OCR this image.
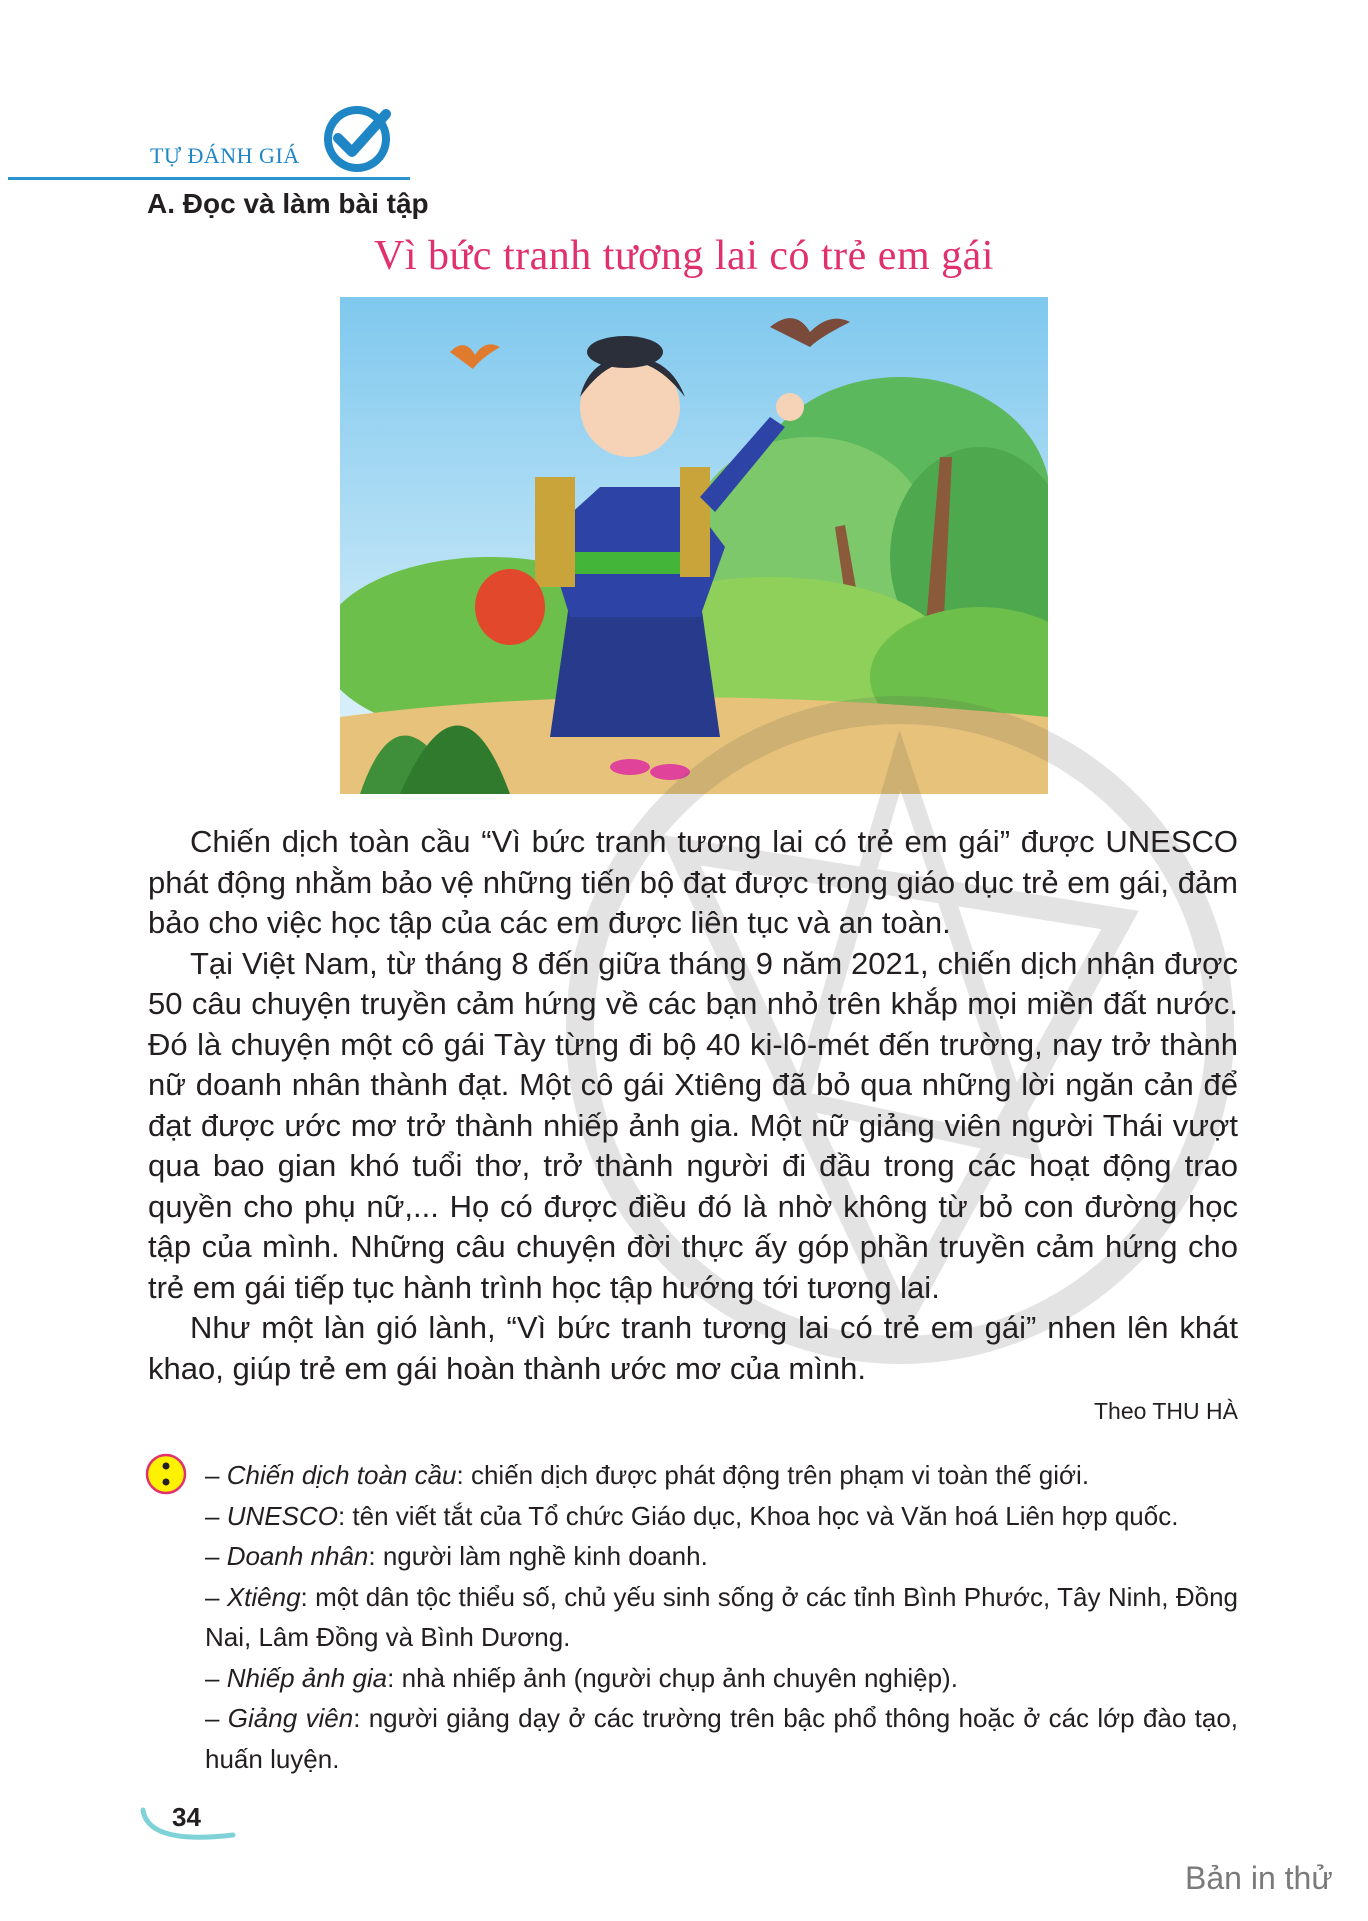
TỰ ĐÁNH GIÁ
A. Đọc và làm bài tập
Vì bức tranh tương lai có trẻ em gái

Chiến dịch toàn cầu “Vì bức tranh tương lai có trẻ em gái” được UNESCO phát động nhằm bảo vệ những tiến bộ đạt được trong giáo dục trẻ em gái, đảm bảo cho việc học tập của các em được liên tục và an toàn.

Tại Việt Nam, từ tháng 8 đến giữa tháng 9 năm 2021, chiến dịch nhận được 50 câu chuyện truyền cảm hứng về các bạn nhỏ trên khắp mọi miền đất nước. Đó là chuyện một cô gái Tày từng đi bộ 40 ki-lô-mét đến trường, nay trở thành nữ doanh nhân thành đạt. Một cô gái Xtiêng đã bỏ qua những lời ngăn cản để đạt được ước mơ trở thành nhiếp ảnh gia. Một nữ giảng viên người Thái vượt qua bao gian khó tuổi thơ, trở thành người đi đầu trong các hoạt động trao quyền cho phụ nữ,... Họ có được điều đó là nhờ không từ bỏ con đường học tập của mình. Những câu chuyện đời thực ấy góp phần truyền cảm hứng cho trẻ em gái tiếp tục hành trình học tập hướng tới tương lai.

Như một làn gió lành, “Vì bức tranh tương lai có trẻ em gái” nhen lên khát khao, giúp trẻ em gái hoàn thành ước mơ của mình.

Theo THU HÀ

– Chiến dịch toàn cầu: chiến dịch được phát động trên phạm vi toàn thế giới.

– UNESCO: tên viết tắt của Tổ chức Giáo dục, Khoa học và Văn hoá Liên hợp quốc.

– Doanh nhân: người làm nghề kinh doanh.

– Xtiêng: một dân tộc thiểu số, chủ yếu sinh sống ở các tỉnh Bình Phước, Tây Ninh, Đồng Nai, Lâm Đồng và Bình Dương.

– Nhiếp ảnh gia: nhà nhiếp ảnh (người chụp ảnh chuyên nghiệp).

– Giảng viên: người giảng dạy ở các trường trên bậc phổ thông hoặc ở các lớp đào tạo, huấn luyện.

34
Bản in thử
